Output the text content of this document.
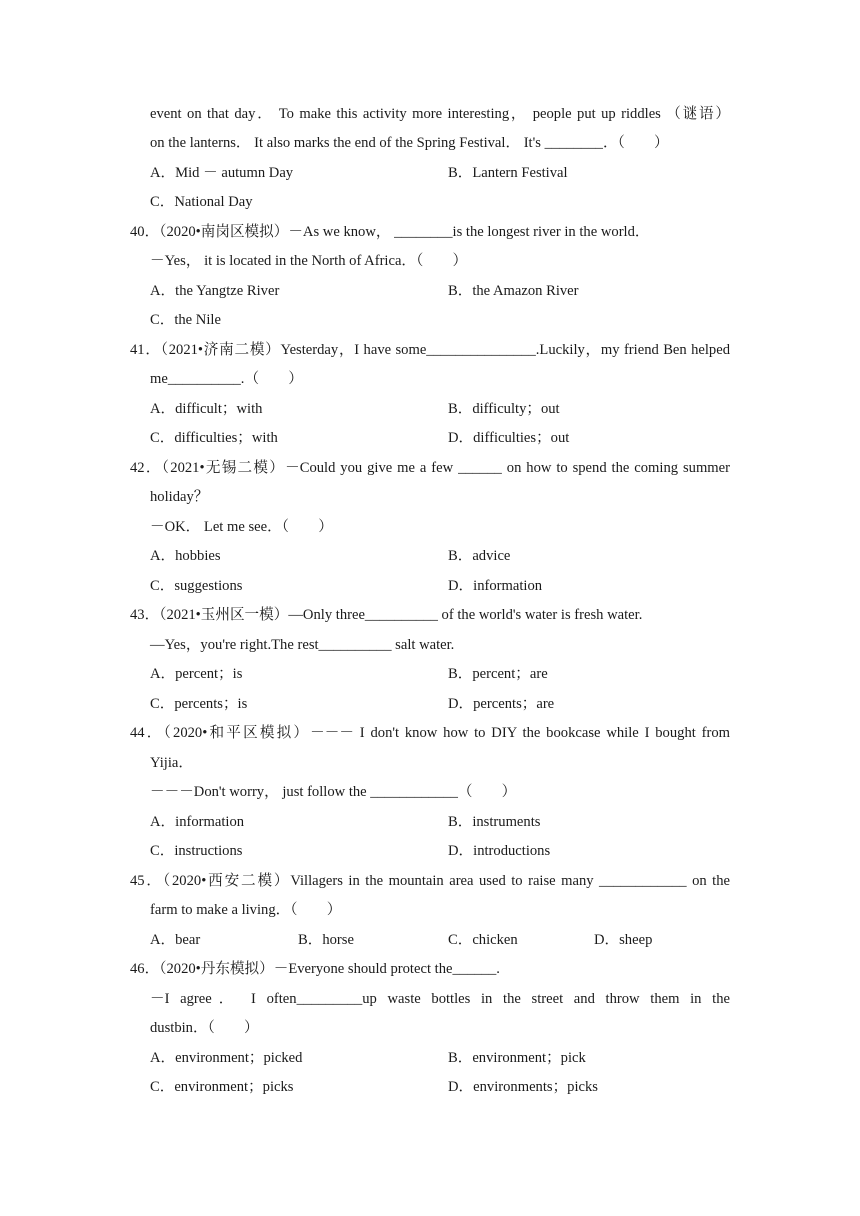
event on that day． To make this activity more interesting， people put up riddles （谜语）
on the lanterns． It also marks the end of the Spring Festival． It's ________．（　　）
A．Mid － autumn Day	B．Lantern Festival
C．National Day
40．（2020•南岗区模拟）－As we know， ________is the longest river in the world．
－Yes， it is located in the North of Africa．（　　）
A．the Yangtze River	B．the Amazon River
C．the Nile
41．（2021•济南二模）Yesterday，I have some_______________.Luckily，my friend Ben helped
me__________.（　　）
A．difficult；with	B．difficulty；out
C．difficulties；with	D．difficulties；out
42．（2021•无锡二模）－Could you give me a few ______ on how to spend the coming summer
holiday？
－OK． Let me see．（　　）
A．hobbies	B．advice
C．suggestions	D．information
43．（2021•玉州区一模）—Only three__________ of the world's water is fresh water.
—Yes，you're right.The rest__________ salt water.
A．percent；is	B．percent；are
C．percents；is	D．percents；are
44．（2020•和平区模拟）－－－ I don't know how to DIY the bookcase while I bought from
Yijia．
－－－Don't worry， just follow the ____________（　　）
A．information	B．instruments
C．instructions	D．introductions
45．（2020•西安二模）Villagers in the mountain area used to raise many ____________ on the
farm to make a living．（　　）
A．bear	B．horse	C．chicken	D．sheep
46．（2020•丹东模拟）－Everyone should protect the______.
－I agree． I often_________up waste bottles in the street and throw them in the
dustbin．（　　）
A．environment；picked	B．environment；pick
C．environment；picks	D．environments；picks
